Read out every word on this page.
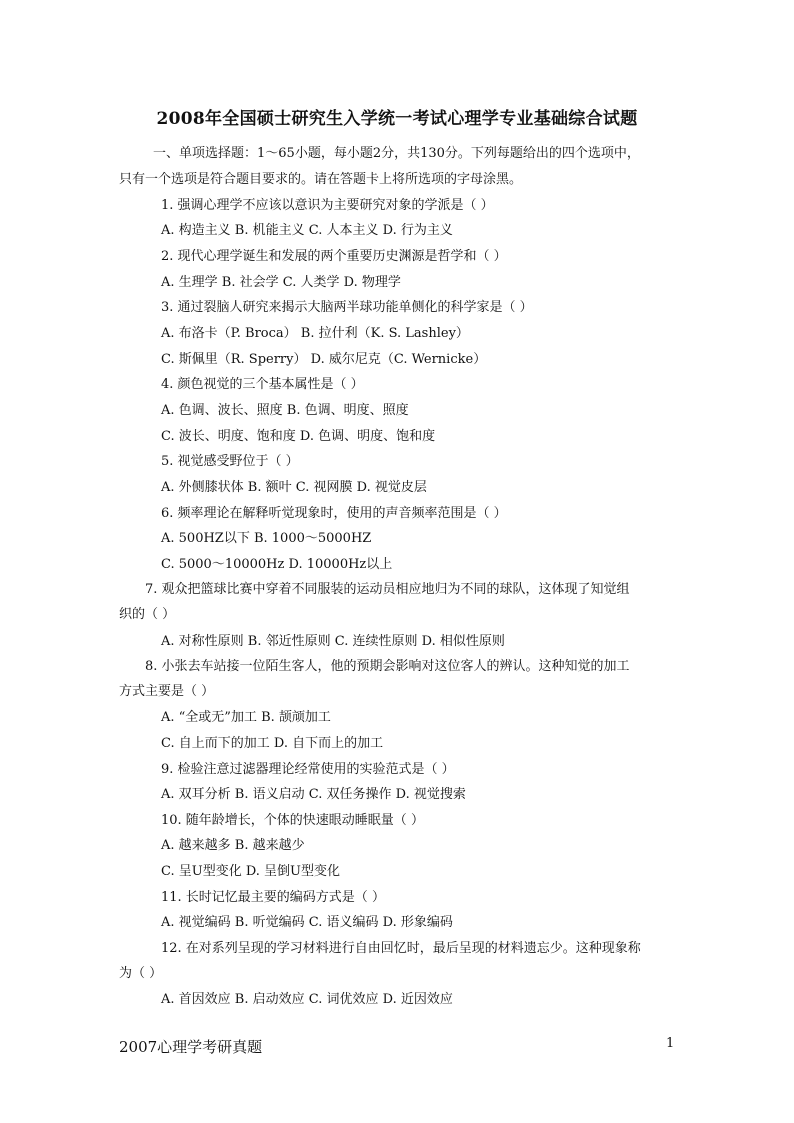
2008年全国硕士研究生入学统一考试心理学专业基础综合试题
一、单项选择题：1～65小题，每小题2分，共130分。下列每题给出的四个选项中，
只有一个选项是符合题目要求的。请在答题卡上将所选项的字母涂黑。
1. 强调心理学不应该以意识为主要研究对象的学派是（ ）
A. 构造主义 B. 机能主义 C. 人本主义 D. 行为主义
2. 现代心理学诞生和发展的两个重要历史渊源是哲学和（ ）
A. 生理学 B. 社会学 C. 人类学 D. 物理学
3. 通过裂脑人研究来揭示大脑两半球功能单侧化的科学家是（ ）
A. 布洛卡（P. Broca） B. 拉什利（K. S. Lashley）
C. 斯佩里（R. Sperry） D. 威尔尼克（C. Wernicke）
4. 颜色视觉的三个基本属性是（ ）
A. 色调、波长、照度 B. 色调、明度、照度
C. 波长、明度、饱和度 D. 色调、明度、饱和度
5. 视觉感受野位于（ ）
A. 外侧膝状体 B. 额叶 C. 视网膜 D. 视觉皮层
6. 频率理论在解释听觉现象时，使用的声音频率范围是（ ）
A. 500HZ以下 B. 1000～5000HZ
C. 5000～10000Hz D. 10000Hz以上
7. 观众把篮球比赛中穿着不同服装的运动员相应地归为不同的球队，这体现了知觉组
织的（ ）
A. 对称性原则 B. 邻近性原则 C. 连续性原则 D. 相似性原则
8. 小张去车站接一位陌生客人，他的预期会影响对这位客人的辨认。这种知觉的加工
方式主要是（ ）
A. “全或无”加工 B. 颉颃加工
C. 自上而下的加工 D. 自下而上的加工
9. 检验注意过滤器理论经常使用的实验范式是（ ）
A. 双耳分析 B. 语义启动 C. 双任务操作 D. 视觉搜索
10. 随年龄增长，个体的快速眼动睡眠量（ ）
A. 越来越多 B. 越来越少
C. 呈U型变化 D. 呈倒U型变化
11. 长时记忆最主要的编码方式是（ ）
A. 视觉编码 B. 听觉编码 C. 语义编码 D. 形象编码
12. 在对系列呈现的学习材料进行自由回忆时，最后呈现的材料遗忘少。这种现象称
为（ ）
A. 首因效应 B. 启动效应 C. 词优效应 D. 近因效应
2007心理学考研真题	1
